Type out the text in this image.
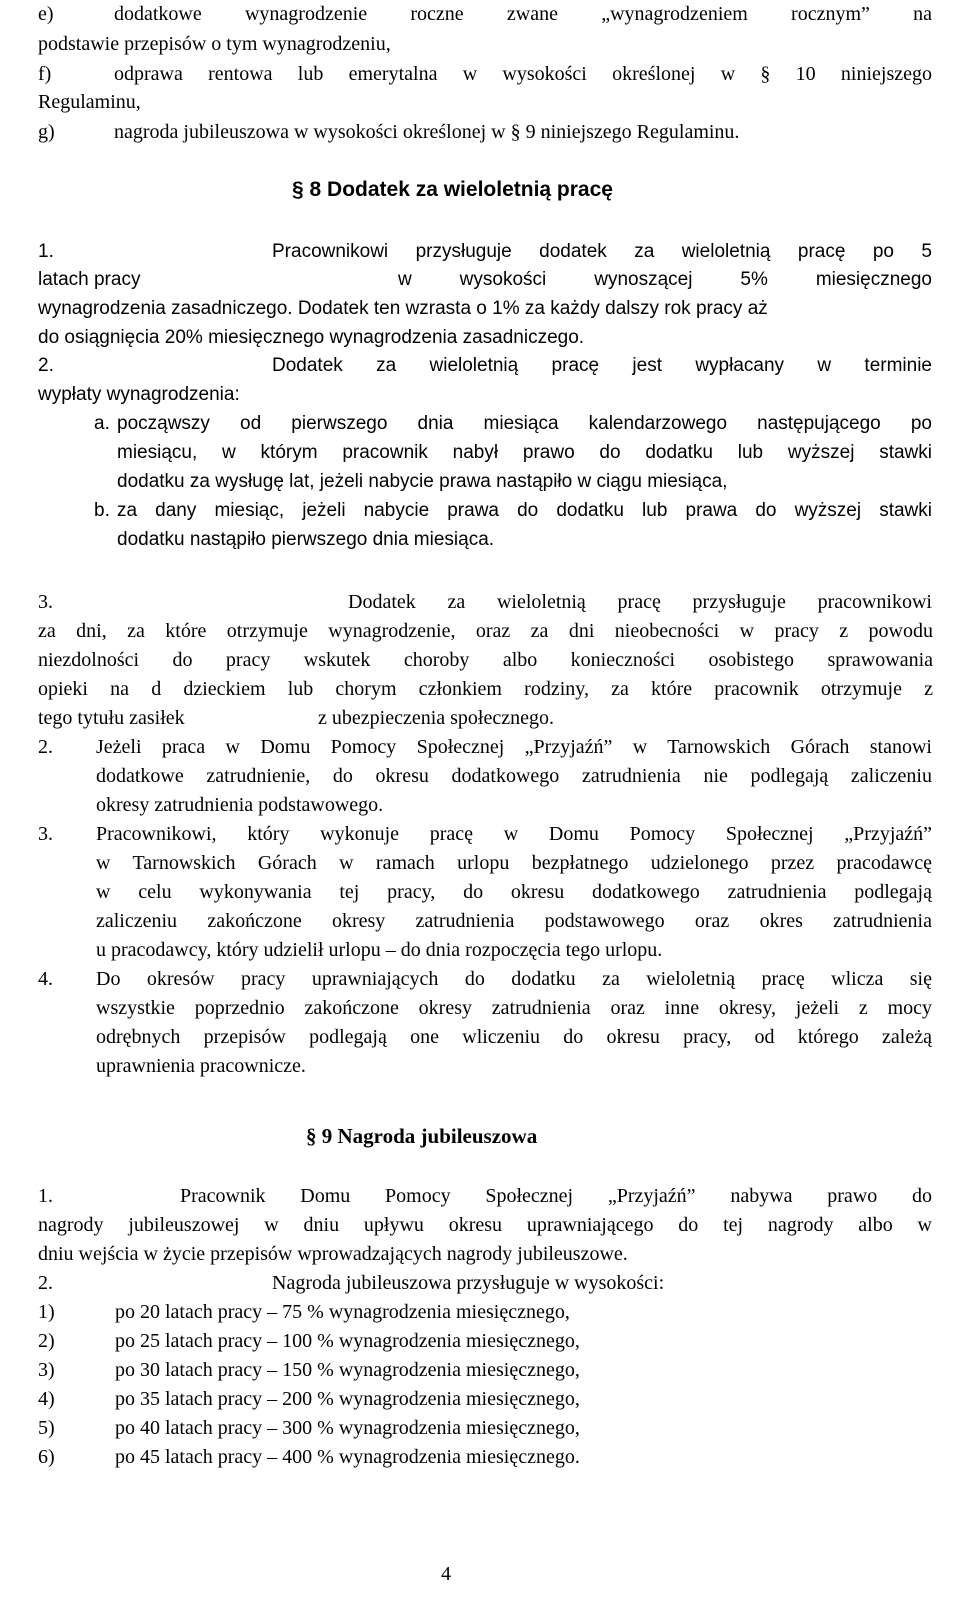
e)	dodatkowe wynagrodzenie roczne zwane „wynagrodzeniem rocznym” na
podstawie przepisów o tym wynagrodzeniu,
f)	odprawa rentowa lub emerytalna w wysokości określonej w § 10 niniejszego
Regulaminu,
g)	nagroda jubileuszowa w wysokości określonej w § 9 niniejszego Regulaminu.
§ 8 Dodatek za wieloletnią pracę
1.	Pracownikowi przysługuje dodatek za wieloletnią pracę po 5
latach pracy	w wysokości wynoszącej 5% miesięcznego
wynagrodzenia zasadniczego. Dodatek ten wzrasta o 1% za każdy dalszy rok pracy aż
do osiągnięcia 20% miesięcznego wynagrodzenia zasadniczego.
2.	Dodatek za wieloletnią pracę jest wypłacany w terminie
wypłaty wynagrodzenia:
a. począwszy od pierwszego dnia miesiąca kalendarzowego następującego po
miesiącu, w którym pracownik nabył prawo do dodatku lub wyższej stawki
dodatku za wysługę lat, jeżeli nabycie prawa nastąpiło w ciągu miesiąca,
b. za dany miesiąc, jeżeli nabycie prawa do dodatku lub prawa do wyższej stawki
dodatku nastąpiło pierwszego dnia miesiąca.
3.	Dodatek za wieloletnią pracę przysługuje pracownikowi
za dni, za które otrzymuje wynagrodzenie, oraz za dni nieobecności w pracy z powodu
niezdolności do pracy wskutek choroby albo konieczności osobistego sprawowania
opieki na d dzieckiem lub chorym członkiem rodziny, za które pracownik otrzymuje z
tego tytułu zasiłek	z ubezpieczenia społecznego.
2. Jeżeli praca w Domu Pomocy Społecznej „Przyjaźń” w Tarnowskich Górach stanowi
dodatkowe zatrudnienie, do okresu dodatkowego zatrudnienia nie podlegają zaliczeniu
okresy zatrudnienia podstawowego.
3. Pracownikowi, który wykonuje pracę w Domu Pomocy Społecznej „Przyjaźń”
w Tarnowskich Górach w ramach urlopu bezpłatnego udzielonego przez pracodawcę
w celu wykonywania tej pracy, do okresu dodatkowego zatrudnienia podlegają
zaliczeniu zakończone okresy zatrudnienia podstawowego oraz okres zatrudnienia
u pracodawcy, który udzielił urlopu – do dnia rozpoczęcia tego urlopu.
4. Do okresów pracy uprawniających do dodatku za wieloletnią pracę wlicza się
wszystkie poprzednio zakończone okresy zatrudnienia oraz inne okresy, jeżeli z mocy
odrębnych przepisów podlegają one wliczeniu do okresu pracy, od którego zależą
uprawnienia pracownicze.
§ 9 Nagroda jubileuszowa
1.	Pracownik Domu Pomocy Społecznej „Przyjaźń” nabywa prawo do
nagrody jubileuszowej w dniu upływu okresu uprawniającego do tej nagrody albo w
dniu wejścia w życie przepisów wprowadzających nagrody jubileuszowe.
2.	Nagroda jubileuszowa przysługuje w wysokości:
1)	po 20 latach pracy – 75 % wynagrodzenia miesięcznego,
2)	po 25 latach pracy – 100 % wynagrodzenia miesięcznego,
3)	po 30 latach pracy – 150 % wynagrodzenia miesięcznego,
4)	po 35 latach pracy – 200 % wynagrodzenia miesięcznego,
5)	po 40 latach pracy – 300 % wynagrodzenia miesięcznego,
6)	po 45 latach pracy – 400 % wynagrodzenia miesięcznego.
4
